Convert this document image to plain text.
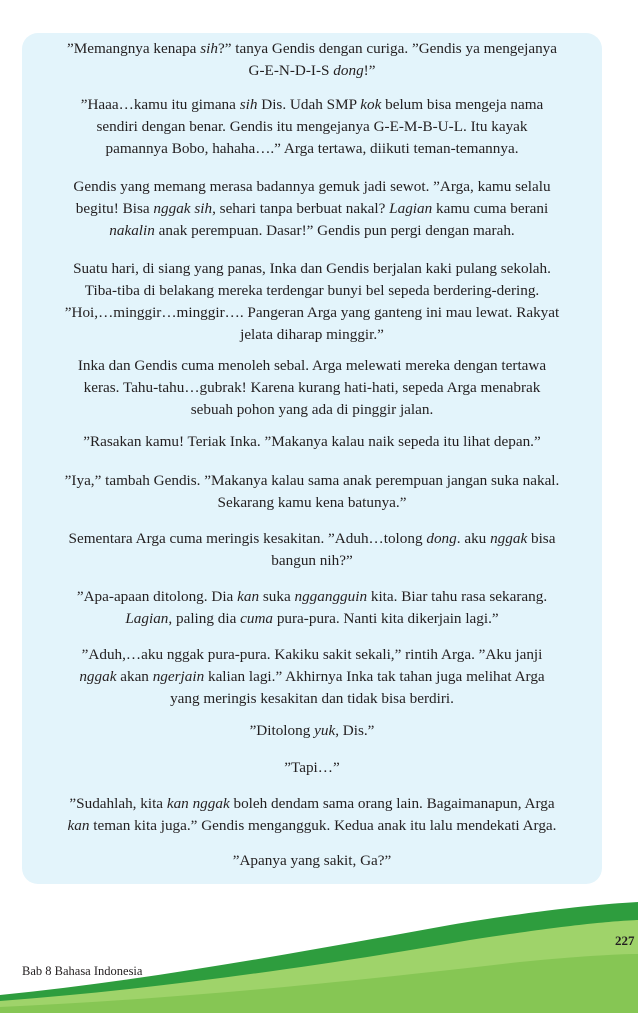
”Memangnya kenapa sih?” tanya Gendis dengan curiga. ”Gendis ya mengejanya
G-E-N-D-I-S dong!”
”Haaa…kamu itu gimana sih Dis. Udah SMP kok belum bisa mengeja nama
sendiri dengan benar. Gendis itu mengejanya G-E-M-B-U-L. Itu kayak
pamannya Bobo, hahaha….” Arga tertawa, diikuti teman-temannya.
Gendis yang memang merasa badannya gemuk jadi sewot. ”Arga, kamu selalu
begitu! Bisa nggak sih, sehari tanpa berbuat nakal? Lagian kamu cuma berani
nakalin anak perempuan. Dasar!” Gendis pun pergi dengan marah.
Suatu hari, di siang yang panas, Inka dan Gendis berjalan kaki pulang sekolah.
Tiba-tiba di belakang mereka terdengar bunyi bel sepeda berdering-dering.
”Hoi,…minggir…minggir…. Pangeran Arga yang ganteng ini mau lewat. Rakyat
jelata diharap minggir.”
Inka dan Gendis cuma menoleh sebal. Arga melewati mereka dengan tertawa
keras. Tahu-tahu…gubrak! Karena kurang hati-hati, sepeda Arga menabrak
sebuah pohon yang ada di pinggir jalan.
”Rasakan kamu! Teriak Inka. ”Makanya kalau naik sepeda itu lihat depan.”
”Iya,” tambah Gendis. ”Makanya kalau sama anak perempuan jangan suka nakal.
Sekarang kamu kena batunya.”
Sementara Arga cuma meringis kesakitan. ”Aduh…tolong dong. aku nggak bisa
bangun nih?”
”Apa-apaan ditolong. Dia kan suka nggangguin kita. Biar tahu rasa sekarang.
Lagian, paling dia cuma pura-pura. Nanti kita dikerjain lagi.”
”Aduh,…aku nggak pura-pura. Kakiku sakit sekali,” rintih Arga. ”Aku janji
nggak akan ngerjain kalian lagi.” Akhirnya Inka tak tahan juga melihat Arga
yang meringis kesakitan dan tidak bisa berdiri.
”Ditolong yuk, Dis.”
”Tapi…”
”Sudahlah, kita kan nggak boleh dendam sama orang lain. Bagaimanapun, Arga
kan teman kita juga.” Gendis mengangguk. Kedua anak itu lalu mendekati Arga.
”Apanya yang sakit, Ga?”
227
Bab 8 Bahasa Indonesia
